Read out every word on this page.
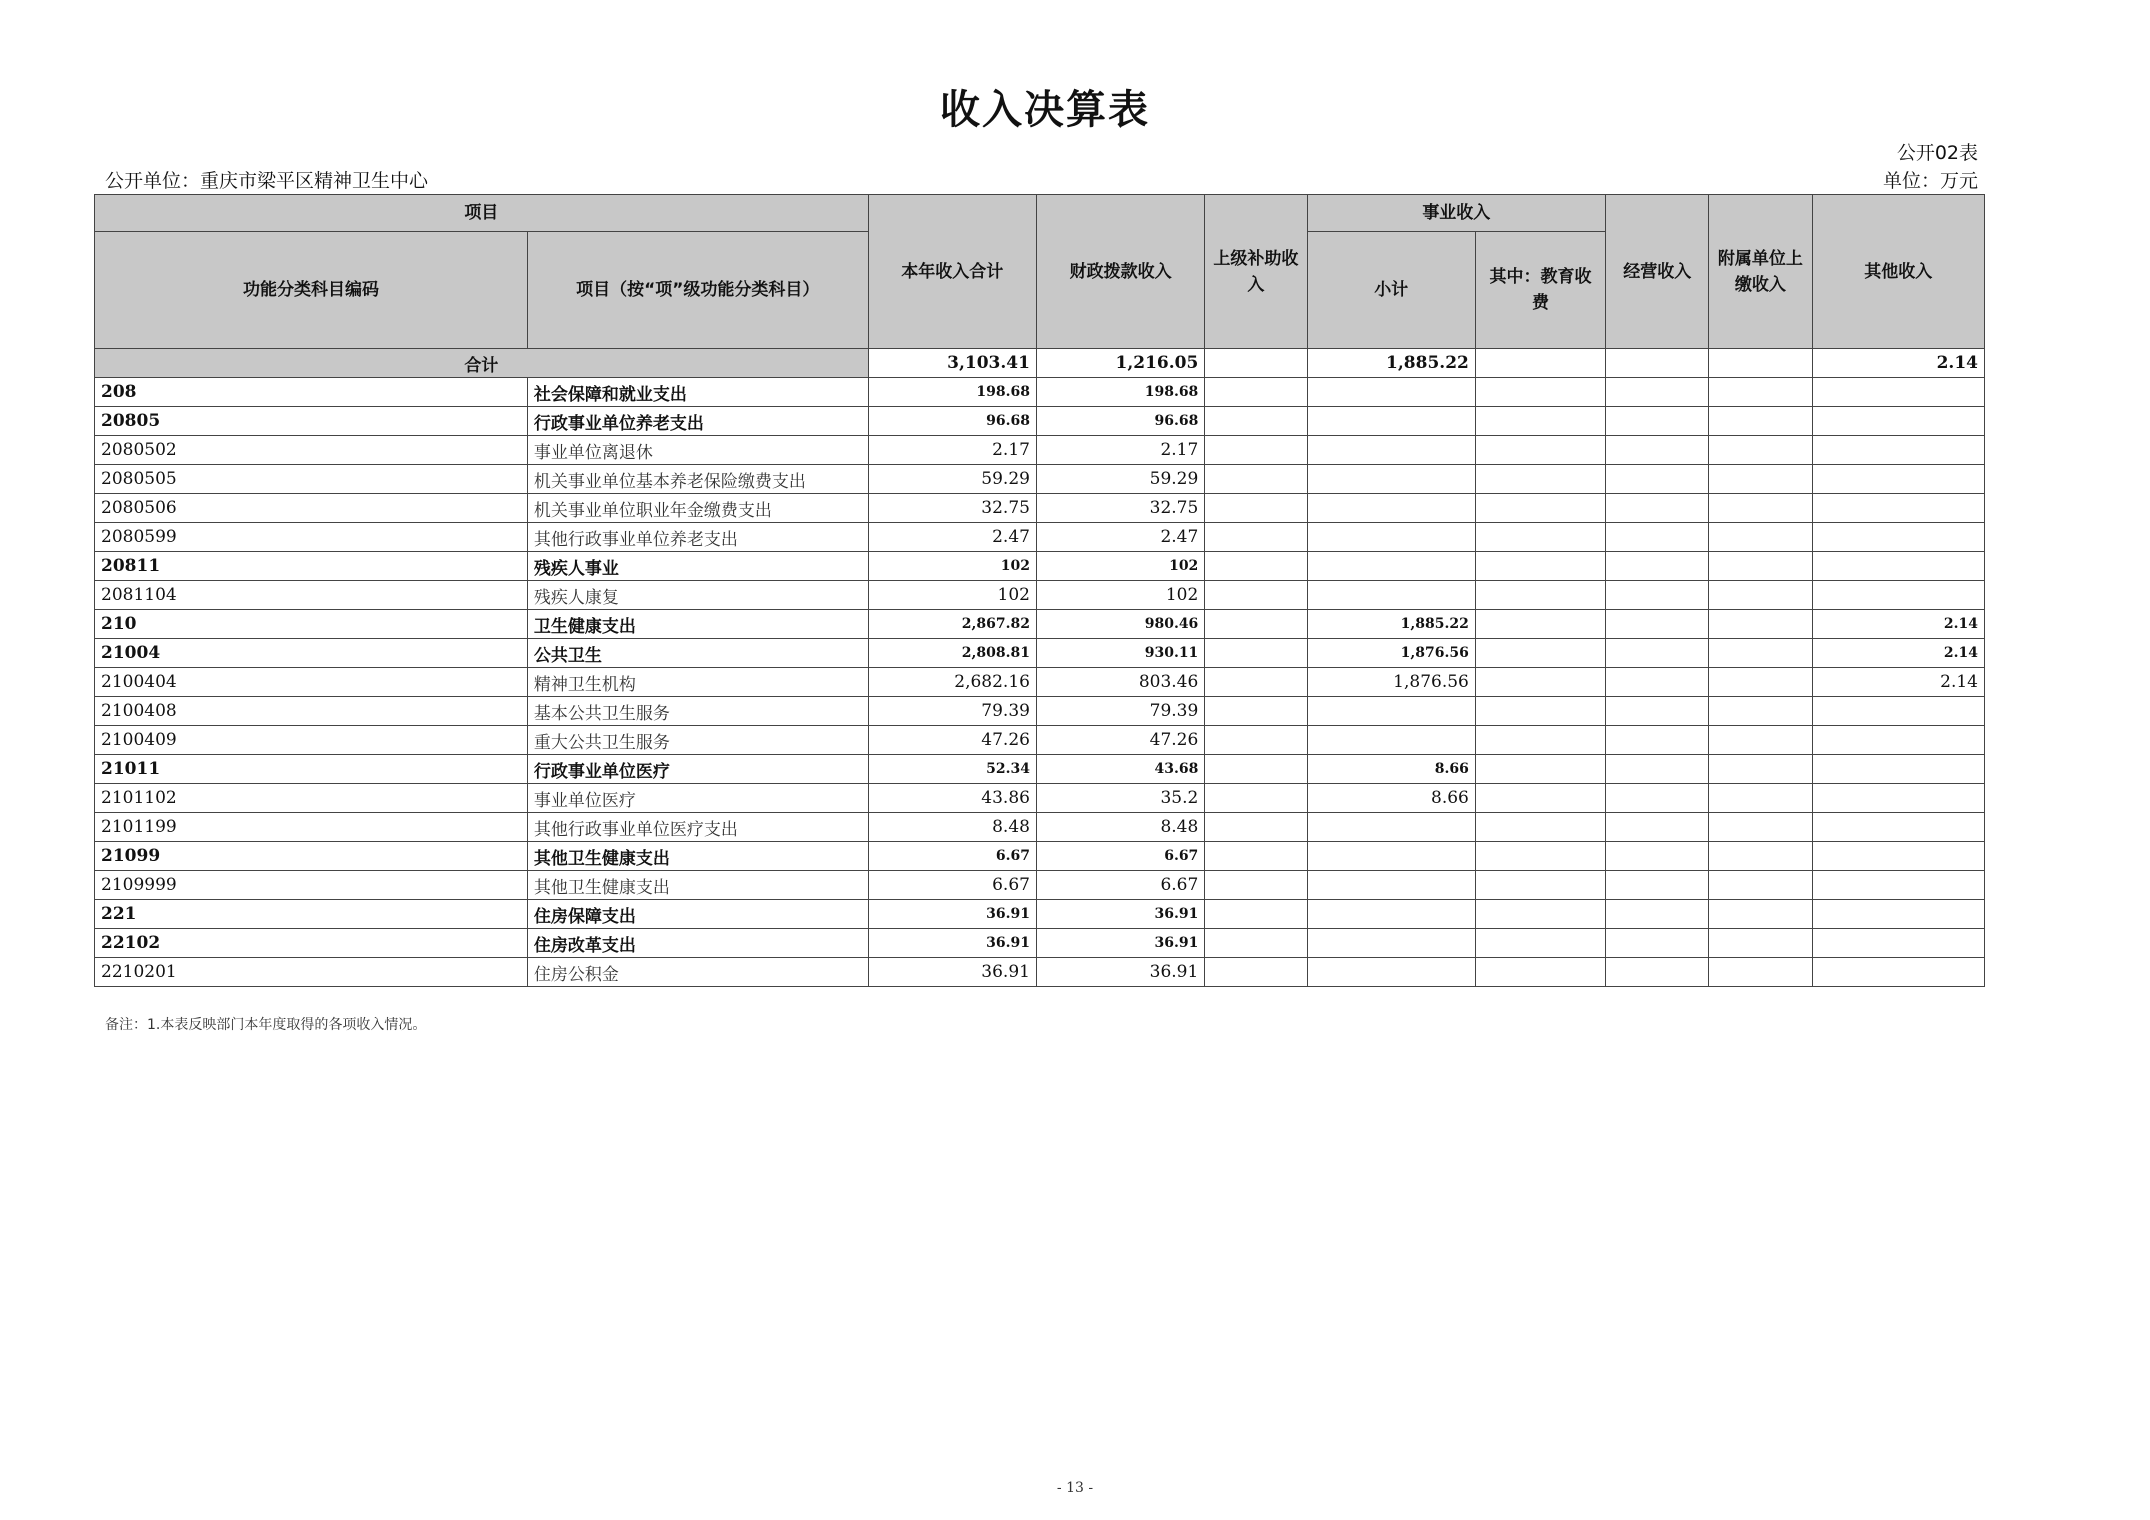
收入决算表
公开02表
公开单位：重庆市梁平区精神卫生中心	单位：万元
项目		本年收入合计	财政拨款收入	上级补助收入	事业收入		经营收入	附属单位上缴收入	其他收入
功能分类科目编码	项目（按“项”级功能分类科目）				小计	其中：教育收费			
合计		3,103.41	1,216.05		1,885.22				2.14
208	社会保障和就业支出	198.68	198.68						
20805	行政事业单位养老支出	96.68	96.68						
2080502	事业单位离退休	2.17	2.17						
2080505	机关事业单位基本养老保险缴费支出	59.29	59.29						
2080506	机关事业单位职业年金缴费支出	32.75	32.75						
2080599	其他行政事业单位养老支出	2.47	2.47						
20811	残疾人事业	102	102						
2081104	残疾人康复	102	102						
210	卫生健康支出	2,867.82	980.46		1,885.22				2.14
21004	公共卫生	2,808.81	930.11		1,876.56				2.14
2100404	精神卫生机构	2,682.16	803.46		1,876.56				2.14
2100408	基本公共卫生服务	79.39	79.39						
2100409	重大公共卫生服务	47.26	47.26						
21011	行政事业单位医疗	52.34	43.68		8.66				
2101102	事业单位医疗	43.86	35.2		8.66				
2101199	其他行政事业单位医疗支出	8.48	8.48						
21099	其他卫生健康支出	6.67	6.67						
2109999	其他卫生健康支出	6.67	6.67						
221	住房保障支出	36.91	36.91						
22102	住房改革支出	36.91	36.91						
2210201	住房公积金	36.91	36.91						
备注：1.本表反映部门本年度取得的各项收入情况。
- 13 -
